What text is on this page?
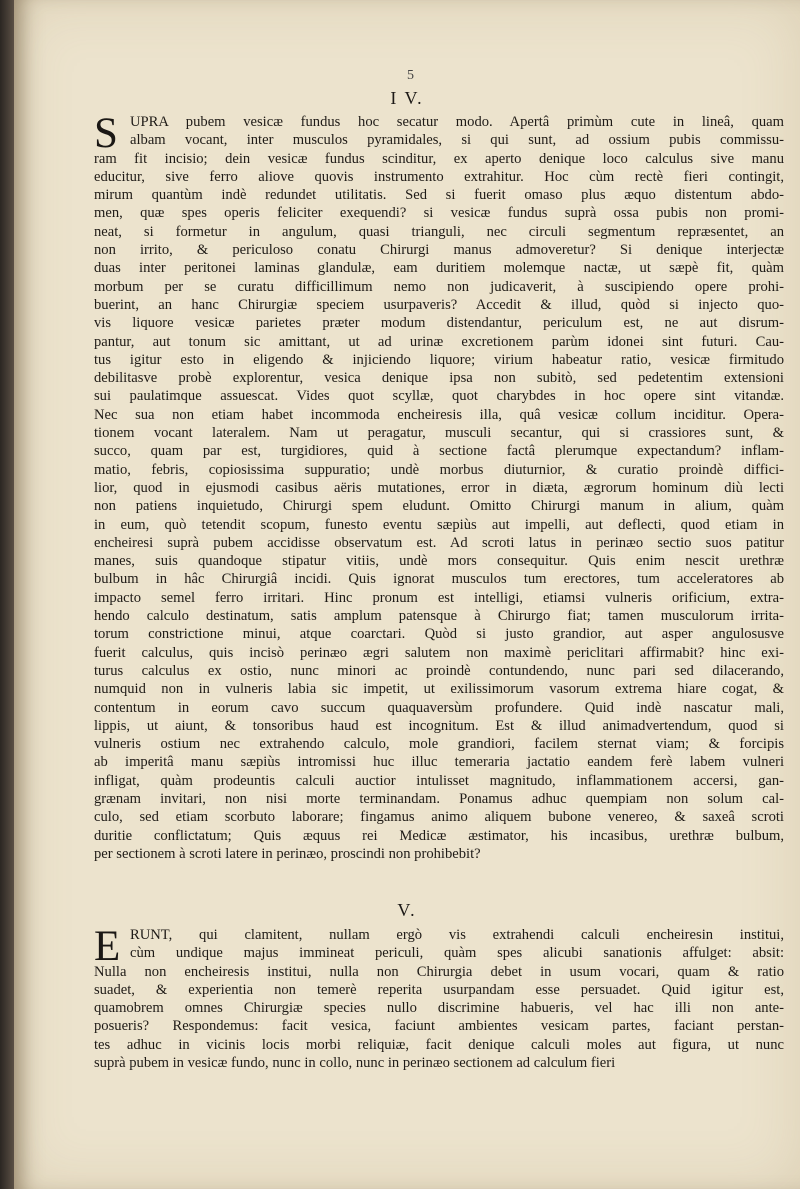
5
I V.
S UPRA pubem vesicæ fundus hoc secatur modo. Apertâ primùm cute in lineâ, quam
albam vocant, inter musculos pyramidales, si qui sunt, ad ossium pubis commissu-
ram fit incisio; dein vesicæ fundus scinditur, ex aperto denique loco calculus sive manu
educitur, sive ferro aliove quovis instrumento extrahitur. Hoc cùm rectè fieri contingit,
mirum quantùm indè redundet utilitatis. Sed si fuerit omaso plus æquo distentum abdo-
men, quæ spes operis feliciter exequendi? si vesicæ fundus suprà ossa pubis non promi-
neat, si formetur in angulum, quasi trianguli, nec circuli segmentum repræsentet, an
non irrito, & periculoso conatu Chirurgi manus admoveretur? Si denique interjectæ
duas inter peritonei laminas glandulæ, eam duritiem molemque nactæ, ut sæpè fit, quàm
morbum per se curatu difficillimum nemo non judicaverit, à suscipiendo opere prohi-
buerint, an hanc Chirurgiæ speciem usurpaveris? Accedit & illud, quòd si injecto quo-
vis liquore vesicæ parietes præter modum distendantur, periculum est, ne aut disrum-
pantur, aut tonum sic amittant, ut ad urinæ excretionem parùm idonei sint futuri. Cau-
tus igitur esto in eligendo & injiciendo liquore; virium habeatur ratio, vesicæ firmitudo
debilitasve probè explorentur, vesica denique ipsa non subitò, sed pedetentim extensioni
sui paulatimque assuescat. Vides quot scyllæ, quot charybdes in hoc opere sint vitandæ.
Nec sua non etiam habet incommoda encheiresis illa, quâ vesicæ collum inciditur. Opera-
tionem vocant lateralem. Nam ut peragatur, musculi secantur, qui si crassiores sunt, &
succo, quam par est, turgidiores, quid à sectione factâ plerumque expectandum? inflam-
matio, febris, copiosissima suppuratio; undè morbus diuturnior, & curatio proindè diffici-
lior, quod in ejusmodi casibus aëris mutationes, error in diæta, ægrorum hominum diù lecti
non patiens inquietudo, Chirurgi spem eludunt. Omitto Chirurgi manum in alium, quàm
in eum, quò tetendit scopum, funesto eventu sæpiùs aut impelli, aut deflecti, quod etiam in
encheiresi suprà pubem accidisse observatum est. Ad scroti latus in perinæo sectio suos patitur
manes, suis quandoque stipatur vitiis, undè mors consequitur. Quis enim nescit urethræ
bulbum in hâc Chirurgiâ incidi. Quis ignorat musculos tum erectores, tum acceleratores ab
impacto semel ferro irritari. Hinc pronum est intelligi, etiamsi vulneris orificium, extra-
hendo calculo destinatum, satis amplum patensque à Chirurgo fiat; tamen musculorum irrita-
torum constrictione minui, atque coarctari. Quòd si justo grandior, aut asper angulosusve
fuerit calculus, quis incisò perinæo ægri salutem non maximè periclitari affirmabit? hinc exi-
turus calculus ex ostio, nunc minori ac proindè contundendo, nunc pari sed dilacerando,
numquid non in vulneris labia sic impetit, ut exilissimorum vasorum extrema hiare cogat, &
contentum in eorum cavo succum quaquaversùm profundere. Quid indè nascatur mali,
lippis, ut aiunt, & tonsoribus haud est incognitum. Est & illud animadvertendum, quod si
vulneris ostium nec extrahendo calculo, mole grandiori, facilem sternat viam; & forcipis
ab imperitâ manu sæpiùs intromissi huc illuc temeraria jactatio eandem ferè labem vulneri
infligat, quàm prodeuntis calculi auctior intulisset magnitudo, inflammationem accersi, gan-
grænam invitari, non nisi morte terminandam. Ponamus adhuc quempiam non solum cal-
culo, sed etiam scorbuto laborare; fingamus animo aliquem bubone venereo, & saxeâ scroti
duritie conflictatum; Quis æquus rei Medicæ æstimator, his incasibus, urethræ bulbum,
per sectionem à scroti latere in perinæo, proscindi non prohibebit?
V.
E RUNT, qui clamitent, nullam ergò vis extrahendi calculi encheiresin institui,
cùm undique majus immineat periculi, quàm spes alicubi sanationis affulget: absit:
Nulla non encheiresis institui, nulla non Chirurgia debet in usum vocari, quam & ratio
suadet, & experientia non temerè reperita usurpandam esse persuadet. Quid igitur est,
quamobrem omnes Chirurgiæ species nullo discrimine habueris, vel hac illi non ante-
posueris? Respondemus: facit vesica, faciunt ambientes vesicam partes, faciant perstan-
tes adhuc in vicinis locis morbi reliquiæ, facit denique calculi moles aut figura, ut nunc
suprà pubem in vesicæ fundo, nunc in collo, nunc in perinæo sectionem ad calculum fieri
